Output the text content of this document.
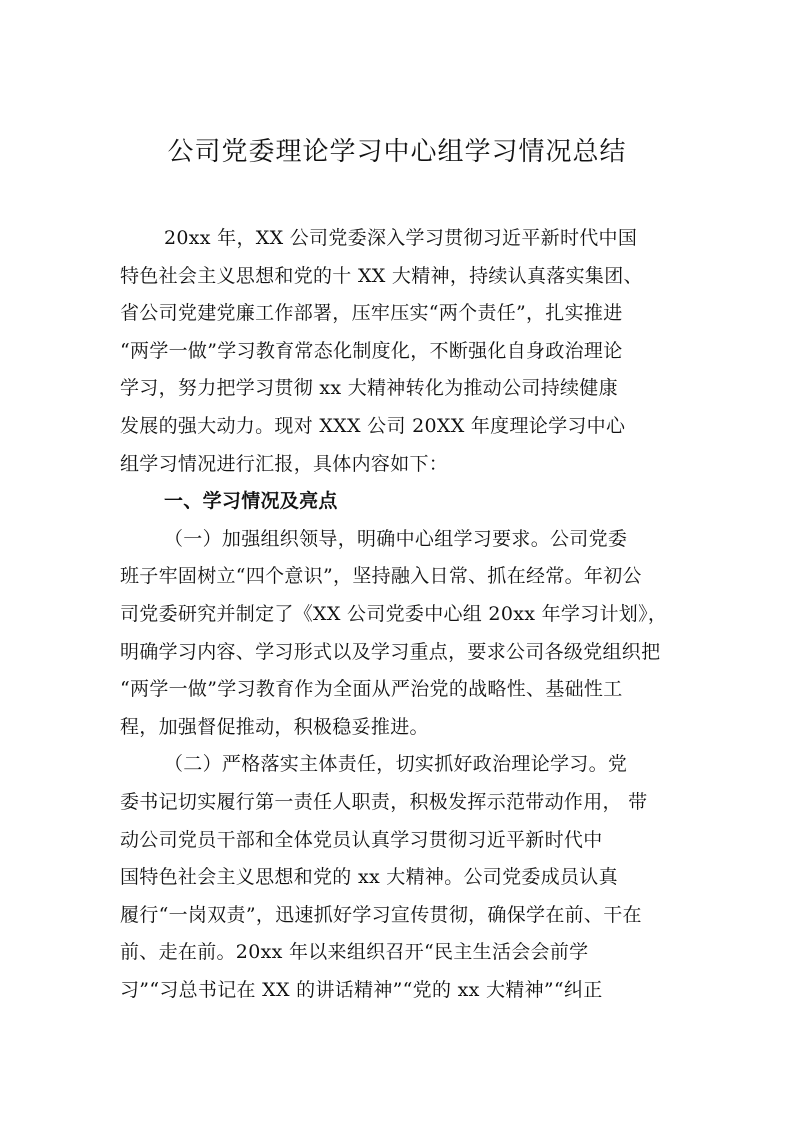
公司党委理论学习中心组学习情况总结
20xx 年，XX 公司党委深入学习贯彻习近平新时代中国
特色社会主义思想和党的十 XX 大精神，持续认真落实集团、
省公司党建党廉工作部署，压牢压实“两个责任”，扎实推进
“两学一做”学习教育常态化制度化，不断强化自身政治理论
学习，努力把学习贯彻 xx 大精神转化为推动公司持续健康
发展的强大动力。现对 XXX 公司 20XX 年度理论学习中心
组学习情况进行汇报，具体内容如下：
一、学习情况及亮点
（一）加强组织领导，明确中心组学习要求。公司党委
班子牢固树立“四个意识”，坚持融入日常、抓在经常。年初公
司党委研究并制定了《XX 公司党委中心组 20xx 年学习计划》，
明确学习内容、学习形式以及学习重点，要求公司各级党组织把
“两学一做”学习教育作为全面从严治党的战略性、基础性工
程，加强督促推动，积极稳妥推进。
（二）严格落实主体责任，切实抓好政治理论学习。党
委书记切实履行第一责任人职责，积极发挥示范带动作用， 带
动公司党员干部和全体党员认真学习贯彻习近平新时代中
国特色社会主义思想和党的 xx 大精神。公司党委成员认真
履行“一岗双责”，迅速抓好学习宣传贯彻，确保学在前、干在
前、走在前。20xx 年以来组织召开“民主生活会会前学
习”“习总书记在 XX 的讲话精神”“党的 xx 大精神”“纠正
